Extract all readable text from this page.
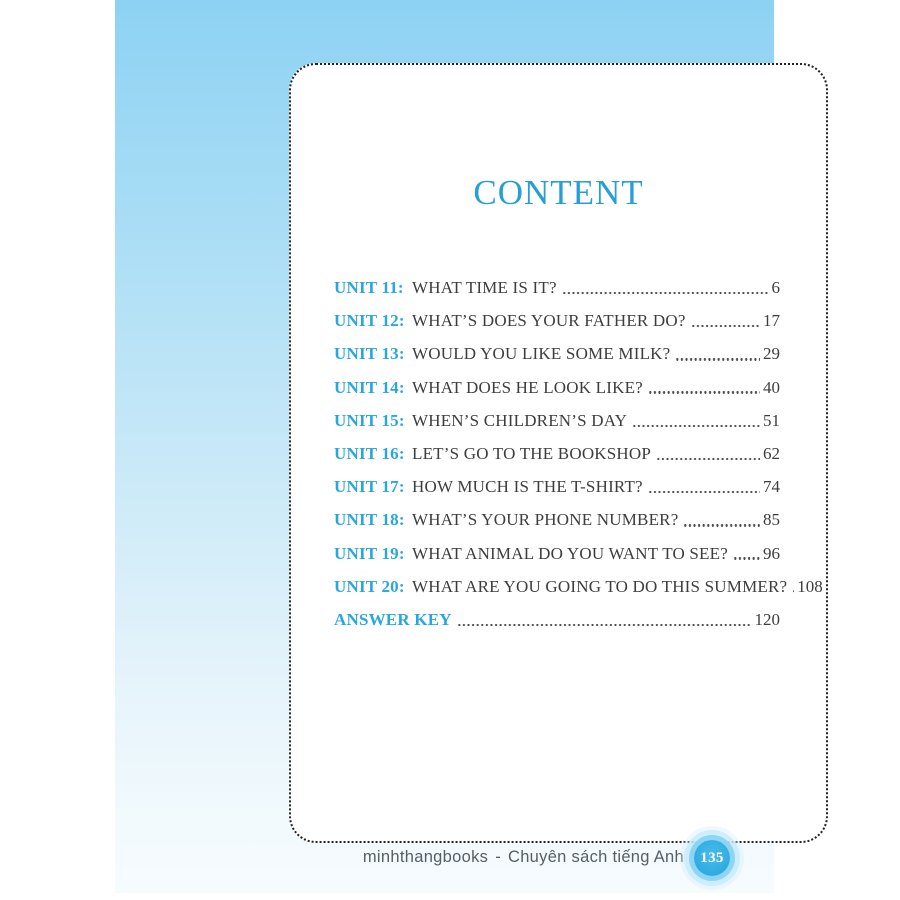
CONTENT
UNIT 11: WHAT TIME IS IT?	6
UNIT 12: WHAT’S DOES YOUR FATHER DO?	17
UNIT 13: WOULD YOU LIKE SOME MILK?	29
UNIT 14: WHAT DOES HE LOOK LIKE?	40
UNIT 15: WHEN’S CHILDREN’S DAY	51
UNIT 16: LET’S GO TO THE BOOKSHOP	62
UNIT 17: HOW MUCH IS THE T-SHIRT?	74
UNIT 18: WHAT’S YOUR PHONE NUMBER?	85
UNIT 19: WHAT ANIMAL DO YOU WANT TO SEE? 96
UNIT 20: WHAT ARE YOU GOING TO DO THIS SUMMER? 108
ANSWER KEY	120
minhthangbooks - Chuyên sách tiếng Anh 135
